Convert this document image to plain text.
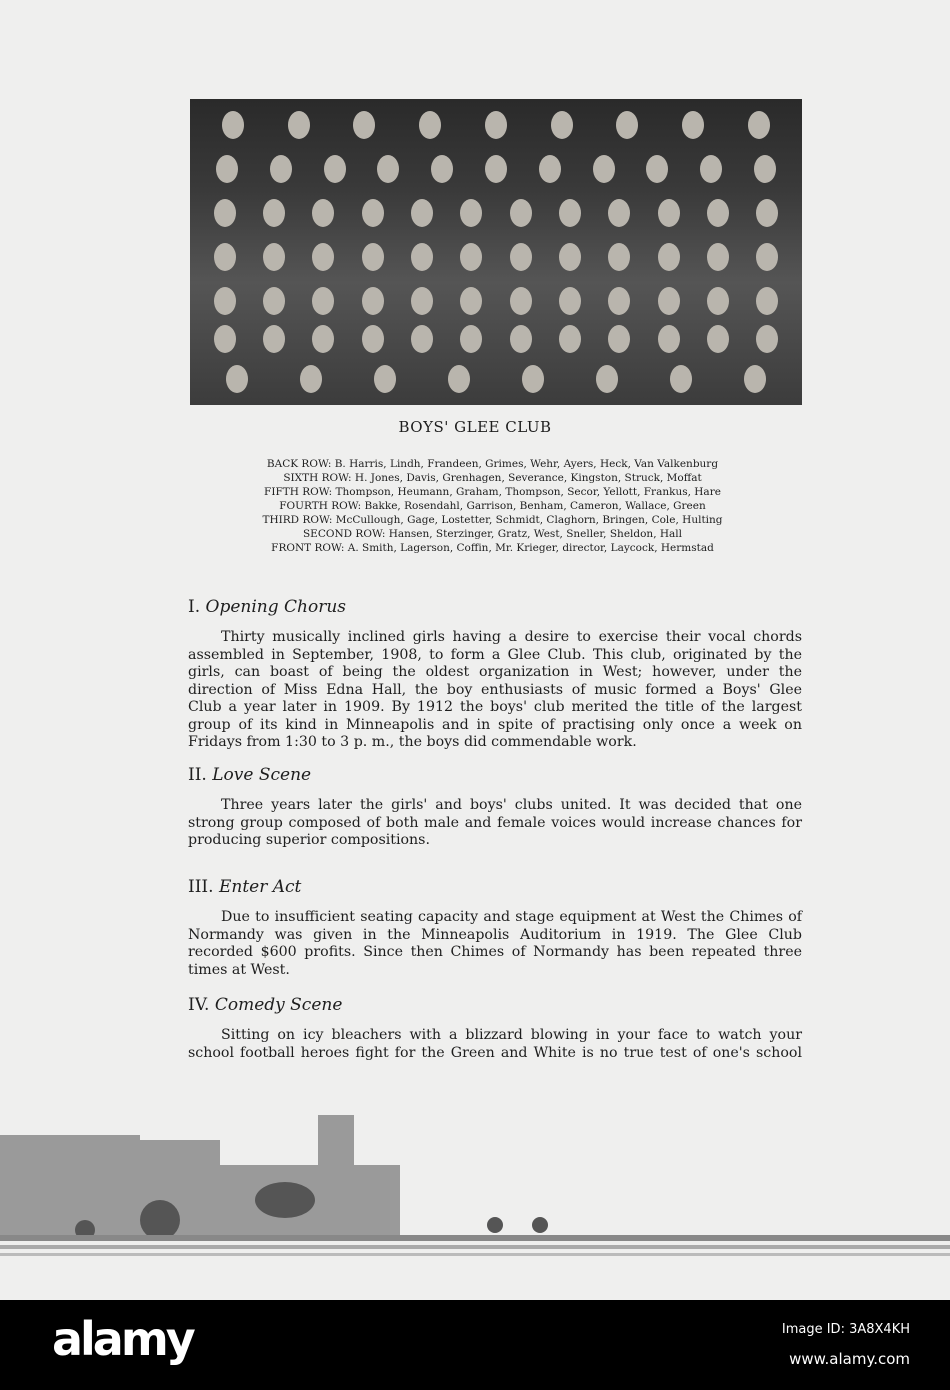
BOYS' GLEE CLUB
BACK ROW: B. Harris, Lindh, Frandeen, Grimes, Wehr, Ayers, Heck, Van Valkenburg
SIXTH ROW: H. Jones, Davis, Grenhagen, Severance, Kingston, Struck, Moffat
FIFTH ROW: Thompson, Heumann, Graham, Thompson, Secor, Yellott, Frankus, Hare
FOURTH ROW: Bakke, Rosendahl, Garrison, Benham, Cameron, Wallace, Green
THIRD ROW: McCullough, Gage, Lostetter, Schmidt, Claghorn, Bringen, Cole, Hulting
SECOND ROW: Hansen, Sterzinger, Gratz, West, Sneller, Sheldon, Hall
FRONT ROW: A. Smith, Lagerson, Coffin, Mr. Krieger, director, Laycock, Hermstad
I. Opening Chorus
Thirty musically inclined girls having a desire to exercise their vocal chords
assembled in September, 1908, to form a Glee Club. This club, originated by the
girls, can boast of being the oldest organization in West; however, under the
direction of Miss Edna Hall, the boy enthusiasts of music formed a Boys' Glee
Club a year later in 1909. By 1912 the boys' club merited the title of the largest
group of its kind in Minneapolis and in spite of practising only once a week on
Fridays from 1:30 to 3 p. m., the boys did commendable work.
II. Love Scene
Three years later the girls' and boys' clubs united. It was decided that one
strong group composed of both male and female voices would increase chances for
producing superior compositions.
III. Enter Act
Due to insufficient seating capacity and stage equipment at West the Chimes of
Normandy was given in the Minneapolis Auditorium in 1919. The Glee Club
recorded $600 profits. Since then Chimes of Normandy has been repeated three
times at West.
IV. Comedy Scene
Sitting on icy bleachers with a blizzard blowing in your face to watch your
school football heroes fight for the Green and White is no true test of one's school
alamy	Image ID: 3A8X4KH
www.alamy.com
